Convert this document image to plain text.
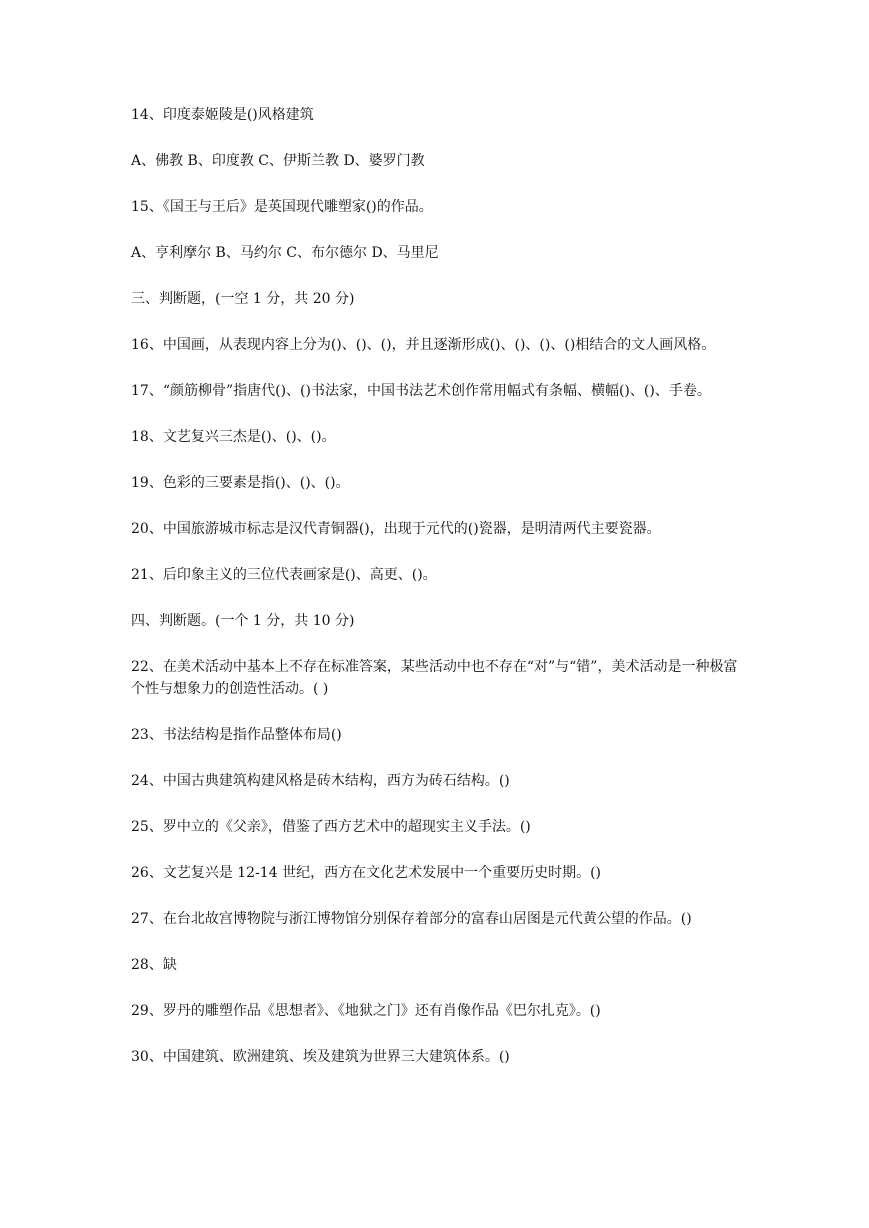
14、印度泰姬陵是()风格建筑

A、佛教 B、印度教 C、伊斯兰教 D、婆罗门教

15、《国王与王后》是英国现代雕塑家()的作品。

A、亨利摩尔 B、马约尔 C、布尔德尔 D、马里尼

三、判断题，(一空 1 分，共 20 分)

16、中国画，从表现内容上分为()、()、()，并且逐渐形成()、()、()、()相结合的文人画风格。

17、“颜筋柳骨”指唐代()、()书法家，中国书法艺术创作常用幅式有条幅、横幅()、()、手卷。

18、文艺复兴三杰是()、()、()。

19、色彩的三要素是指()、()、()。

20、中国旅游城市标志是汉代青铜器()，出现于元代的()瓷器，是明清两代主要瓷器。

21、后印象主义的三位代表画家是()、高更、()。

四、判断题。(一个 1 分，共 10 分)

22、在美术活动中基本上不存在标准答案，某些活动中也不存在“对”与“错”，美术活动是一种极富个性与想象力的创造性活动。( )

23、书法结构是指作品整体布局()

24、中国古典建筑构建风格是砖木结构，西方为砖石结构。()

25、罗中立的《父亲》，借鉴了西方艺术中的超现实主义手法。()

26、文艺复兴是 12-14 世纪，西方在文化艺术发展中一个重要历史时期。()

27、在台北故宫博物院与浙江博物馆分别保存着部分的富春山居图是元代黄公望的作品。()

28、缺

29、罗丹的雕塑作品《思想者》、《地狱之门》还有肖像作品《巴尔扎克》。()

30、中国建筑、欧洲建筑、埃及建筑为世界三大建筑体系。()
